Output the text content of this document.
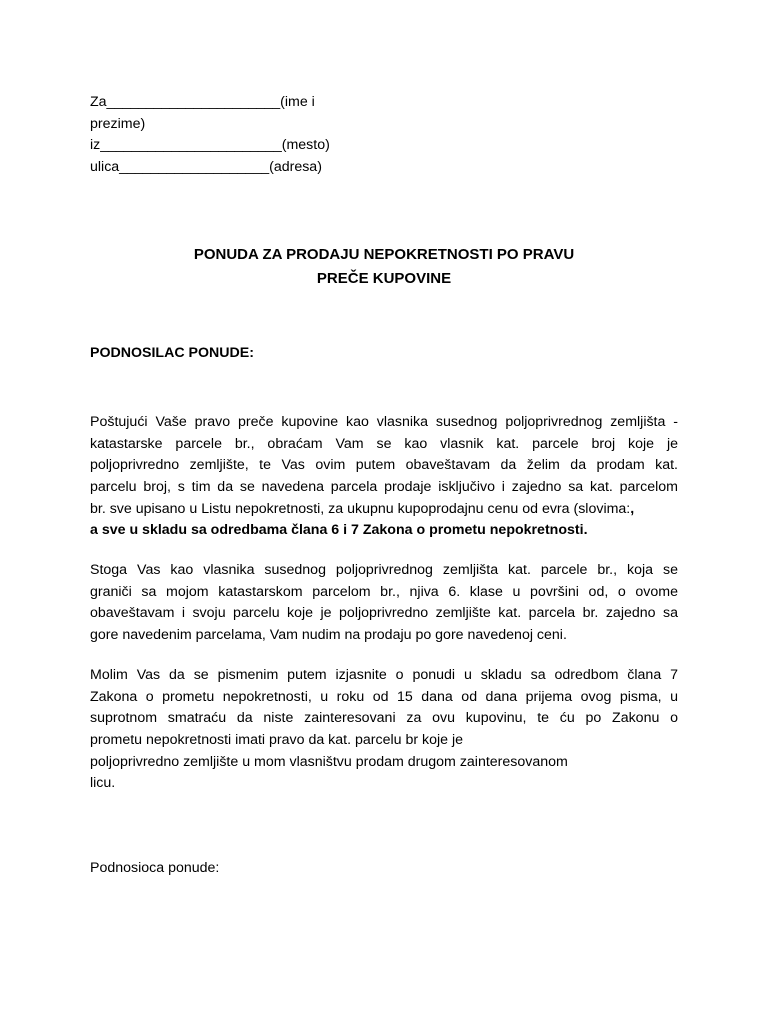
Za______________________(ime i
prezime)
iz_______________________(mesto)
ulica___________________(adresa)
PONUDA ZA PRODAJU NEPOKRETNOSTI PO PRAVU
PREČE KUPOVINE
PODNOSILAC PONUDE:
Poštujući Vaše pravo preče kupovine kao vlasnika susednog poljoprivrednog zemljišta -
katastarske parcele br., obraćam Vam se kao vlasnik kat. parcele broj koje je
poljoprivredno zemljište, te Vas ovim putem obaveštavam da želim da prodam kat.
parcelu broj, s tim da se navedena parcela prodaje isključivo i zajedno sa kat. parcelom
br. sve upisano u Listu nepokretnosti, za ukupnu kupoprodajnu cenu od evra (slovima:,
a sve u skladu sa odredbama člana 6 i 7 Zakona o prometu nepokretnosti.
Stoga Vas kao vlasnika susednog poljoprivrednog zemljišta kat. parcele br., koja se
graniči sa mojom katastarskom parcelom br., njiva 6. klase u površini od, o ovome
obaveštavam i svoju parcelu koje je poljoprivredno zemljište kat. parcela br. zajedno sa
gore navedenim parcelama, Vam nudim na prodaju po gore navedenoj ceni.
Molim Vas da se pismenim putem izjasnite o ponudi u skladu sa odredbom člana 7
Zakona o prometu nepokretnosti, u roku od 15 dana od dana prijema ovog pisma, u
suprotnom smatraću da niste zainteresovani za ovu kupovinu, te ću po Zakonu o
prometu nepokretnosti imati pravo da kat. parcelu br koje je
poljoprivredno zemljište u mom vlasništvu prodam drugom zainteresovanom
licu.
Podnosioca ponude:
